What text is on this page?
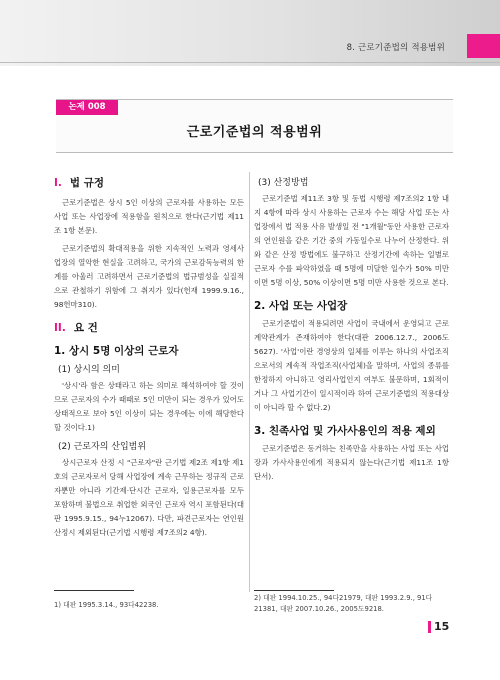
8. 근로기준법의 적용범위
논제 008
근로기준법의 적용범위
I. 법 규정

근로기준법은 상시 5인 이상의 근로자를 사용하는 모든 사업 또는 사업장에 적용함을 원칙으로 한다(근기법 제11조 1항 본문).

근로기준법의 확대적용을 위한 지속적인 노력과 영세사업장의 열악한 현실을 고려하고, 국가의 근로감독능력의 한계를 아울러 고려하면서 근로기준법의 법규범성을 실질적으로 관철하기 위함에 그 취지가 있다(헌재 1999.9.16., 98헌마310).

II. 요 건
1. 상시 5명 이상의 근로자
(1) 상시의 의미

'상시'라 함은 상태라고 하는 의미로 해석하여야 할 것이므로 근로자의 수가 때때로 5인 미만이 되는 경우가 있어도 상태적으로 보아 5인 이상이 되는 경우에는 이에 해당한다 할 것이다.1)

(2) 근로자의 산입범위

상시근로자 산정 시 "근로자"란 근기법 제2조 제1항 제1호의 근로자로서 당해 사업장에 계속 근무하는 정규직 근로자뿐만 아니라 기간제·단시간 근로자, 일용근로자를 모두 포함하며 불법으로 취업한 외국인 근로자 역시 포함된다(대판 1995.9.15., 94누12067). 다만, 파견근로자는 연인원 산정시 제외된다(근기법 시행령 제7조의2 4항).

(3) 산정방법

근로기준법 제11조 3항 및 동법 시행령 제7조의2 1항 내지 4항에 따라 상시 사용하는 근로자 수는 해당 사업 또는 사업장에서 법 적용 사유 발생일 전 "1개월"동안 사용한 근로자의 연인원을 같은 기간 중의 가동일수로 나누어 산정한다. 위와 같은 산정 방법에도 불구하고 산정기간에 속하는 일별로 근로자 수를 파악하였을 때 5명에 미달한 일수가 50% 미만이면 5명 이상, 50% 이상이면 5명 미만 사용한 것으로 본다.

2. 사업 또는 사업장

근로기준법이 적용되려면 사업이 국내에서 운영되고 근로계약관계가 존재하여야 한다(대판 2006.12.7., 2006도5627). '사업'이란 경영상의 일체를 이루는 하나의 사업조직으로서의 계속적 작업조직(사업체)을 말하며, 사업의 종류를 한정하지 아니하고 영리사업인지 여부도 불문하며, 1회적이거나 그 사업기간이 일시적이라 하여 근로기준법의 적용대상이 아니라 할 수 없다.2)

3. 친족사업 및 가사사용인의 적용 제외

근로기준법은 동거하는 친족만을 사용하는 사업 또는 사업장과 가사사용인에게 적용되지 않는다(근기법 제11조 1항 단서).

1) 대판 1995.3.14., 93다42238.
2) 대판 1994.10.25., 94다21979, 대판 1993.2.9., 91다21381, 대판 2007.10.26., 2005도9218.
15
